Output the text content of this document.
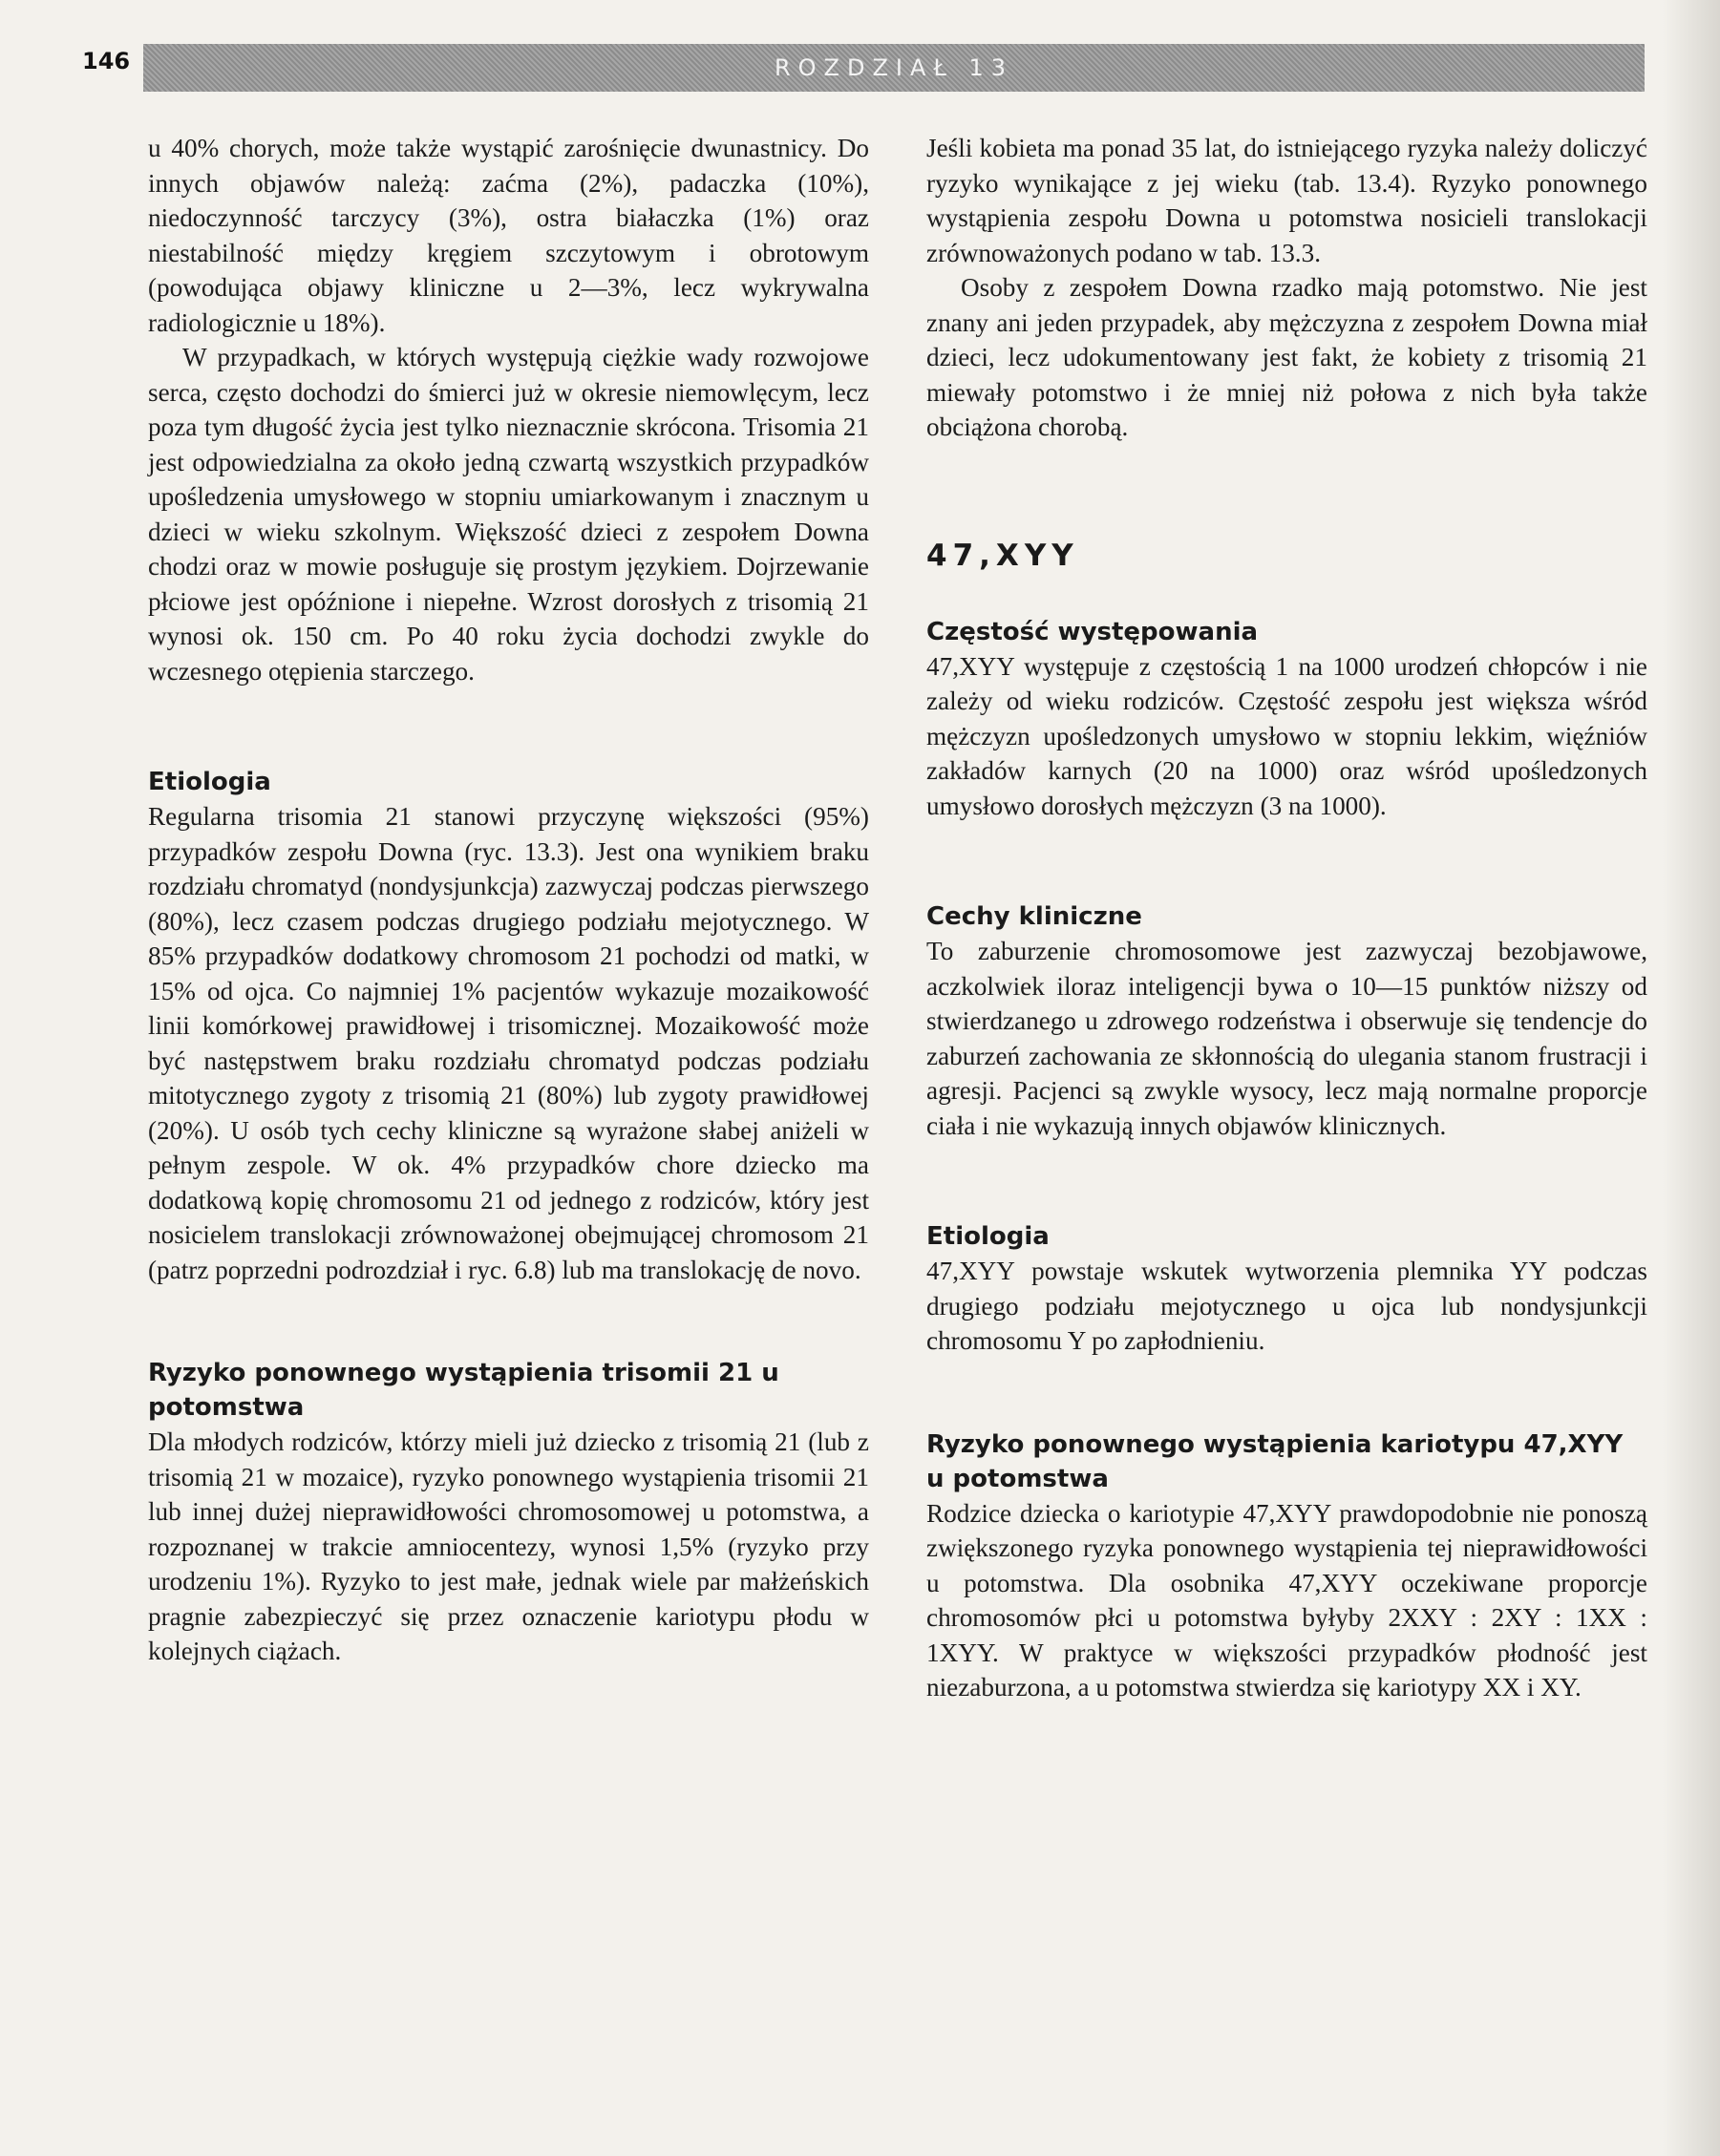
146	ROZDZIAŁ 13

u 40% chorych, może także wystąpić zarośnięcie dwunastnicy. Do innych objawów należą: zaćma (2%), padaczka (10%), niedoczynność tarczycy (3%), ostra białaczka (1%) oraz niestabilność między kręgiem szczytowym i obrotowym (powodująca objawy kliniczne u 2—3%, lecz wykrywalna radiologicznie u 18%).

W przypadkach, w których występują ciężkie wady rozwojowe serca, często dochodzi do śmierci już w okresie niemowlęcym, lecz poza tym długość życia jest tylko nieznacznie skrócona. Trisomia 21 jest odpowiedzialna za około jedną czwartą wszystkich przypadków upośledzenia umysłowego w stopniu umiarkowanym i znacznym u dzieci w wieku szkolnym. Większość dzieci z zespołem Downa chodzi oraz w mowie posługuje się prostym językiem. Dojrzewanie płciowe jest opóźnione i niepełne. Wzrost dorosłych z trisomią 21 wynosi ok. 150 cm. Po 40 roku życia dochodzi zwykle do wczesnego otępienia starczego.

Etiologia

Regularna trisomia 21 stanowi przyczynę większości (95%) przypadków zespołu Downa (ryc. 13.3). Jest ona wynikiem braku rozdziału chromatyd (nondysjunkcja) zazwyczaj podczas pierwszego (80%), lecz czasem podczas drugiego podziału mejotycznego. W 85% przypadków dodatkowy chromosom 21 pochodzi od matki, w 15% od ojca. Co najmniej 1% pacjentów wykazuje mozaikowość linii komórkowej prawidłowej i trisomicznej. Mozaikowość może być następstwem braku rozdziału chromatyd podczas podziału mitotycznego zygoty z trisomią 21 (80%) lub zygoty prawidłowej (20%). U osób tych cechy kliniczne są wyrażone słabej aniżeli w pełnym zespole. W ok. 4% przypadków chore dziecko ma dodatkową kopię chromosomu 21 od jednego z rodziców, który jest nosicielem translokacji zrównoważonej obejmującej chromosom 21 (patrz poprzedni podrozdział i ryc. 6.8) lub ma translokację de novo.

Ryzyko ponownego wystąpienia trisomii 21 u potomstwa

Dla młodych rodziców, którzy mieli już dziecko z trisomią 21 (lub z trisomią 21 w mozaice), ryzyko ponownego wystąpienia trisomii 21 lub innej dużej nieprawidłowości chromosomowej u potomstwa, a rozpoznanej w trakcie amniocentezy, wynosi 1,5% (ryzyko przy urodzeniu 1%). Ryzyko to jest małe, jednak wiele par małżeńskich pragnie zabezpieczyć się przez oznaczenie kariotypu płodu w kolejnych ciążach.

Jeśli kobieta ma ponad 35 lat, do istniejącego ryzyka należy doliczyć ryzyko wynikające z jej wieku (tab. 13.4). Ryzyko ponownego wystąpienia zespołu Downa u potomstwa nosicieli translokacji zrównoważonych podano w tab. 13.3.

Osoby z zespołem Downa rzadko mają potomstwo. Nie jest znany ani jeden przypadek, aby mężczyzna z zespołem Downa miał dzieci, lecz udokumentowany jest fakt, że kobiety z trisomią 21 miewały potomstwo i że mniej niż połowa z nich była także obciążona chorobą.

47,XYY
Częstość występowania

47,XYY występuje z częstością 1 na 1000 urodzeń chłopców i nie zależy od wieku rodziców. Częstość zespołu jest większa wśród mężczyzn upośledzonych umysłowo w stopniu lekkim, więźniów zakładów karnych (20 na 1000) oraz wśród upośledzonych umysłowo dorosłych mężczyzn (3 na 1000).

Cechy kliniczne

To zaburzenie chromosomowe jest zazwyczaj bezobjawowe, aczkolwiek iloraz inteligencji bywa o 10—15 punktów niższy od stwierdzanego u zdrowego rodzeństwa i obserwuje się tendencje do zaburzeń zachowania ze skłonnością do ulegania stanom frustracji i agresji. Pacjenci są zwykle wysocy, lecz mają normalne proporcje ciała i nie wykazują innych objawów klinicznych.

Etiologia

47,XYY powstaje wskutek wytworzenia plemnika YY podczas drugiego podziału mejotycznego u ojca lub nondysjunkcji chromosomu Y po zapłodnieniu.

Ryzyko ponownego wystąpienia kariotypu 47,XYY u potomstwa

Rodzice dziecka o kariotypie 47,XYY prawdopodobnie nie ponoszą zwiększonego ryzyka ponownego wystąpienia tej nieprawidłowości u potomstwa. Dla osobnika 47,XYY oczekiwane proporcje chromosomów płci u potomstwa byłyby 2XXY : 2XY : 1XX : 1XYY. W praktyce w większości przypadków płodność jest niezaburzona, a u potomstwa stwierdza się kariotypy XX i XY.
